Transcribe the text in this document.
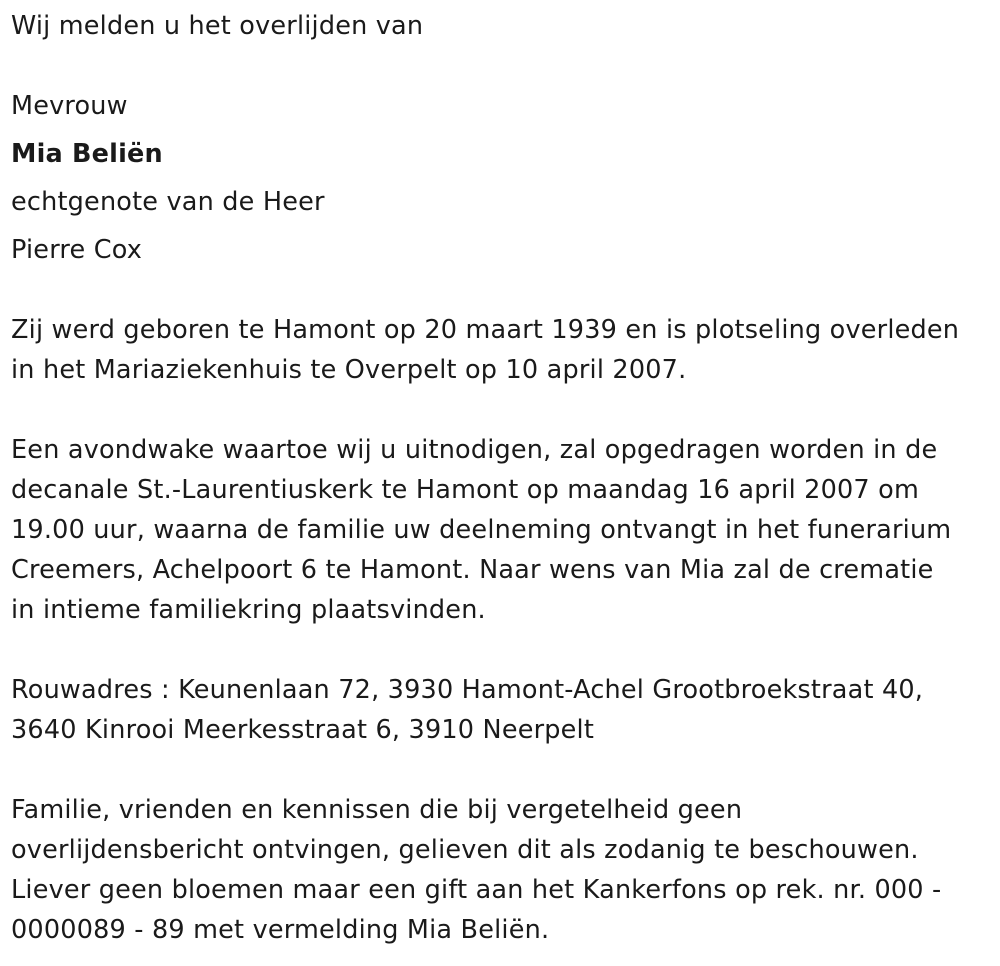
Wij melden u het overlijden van
Mevrouw
Mia Beliën
echtgenote van de Heer
Pierre Cox
Zij werd geboren te Hamont op 20 maart 1939 en is plotseling overleden
in het Mariaziekenhuis te Overpelt op 10 april 2007.
Een avondwake waartoe wij u uitnodigen, zal opgedragen worden in de
decanale St.-Laurentiuskerk te Hamont op maandag 16 april 2007 om
19.00 uur, waarna de familie uw deelneming ontvangt in het funerarium
Creemers, Achelpoort 6 te Hamont. Naar wens van Mia zal de crematie
in intieme familiekring plaatsvinden.
Rouwadres : Keunenlaan 72, 3930 Hamont-Achel Grootbroekstraat 40,
3640 Kinrooi Meerkesstraat 6, 3910 Neerpelt
Familie, vrienden en kennissen die bij vergetelheid geen
overlijdensbericht ontvingen, gelieven dit als zodanig te beschouwen.
Liever geen bloemen maar een gift aan het Kankerfons op rek. nr. 000 -
0000089 - 89 met vermelding Mia Beliën.
